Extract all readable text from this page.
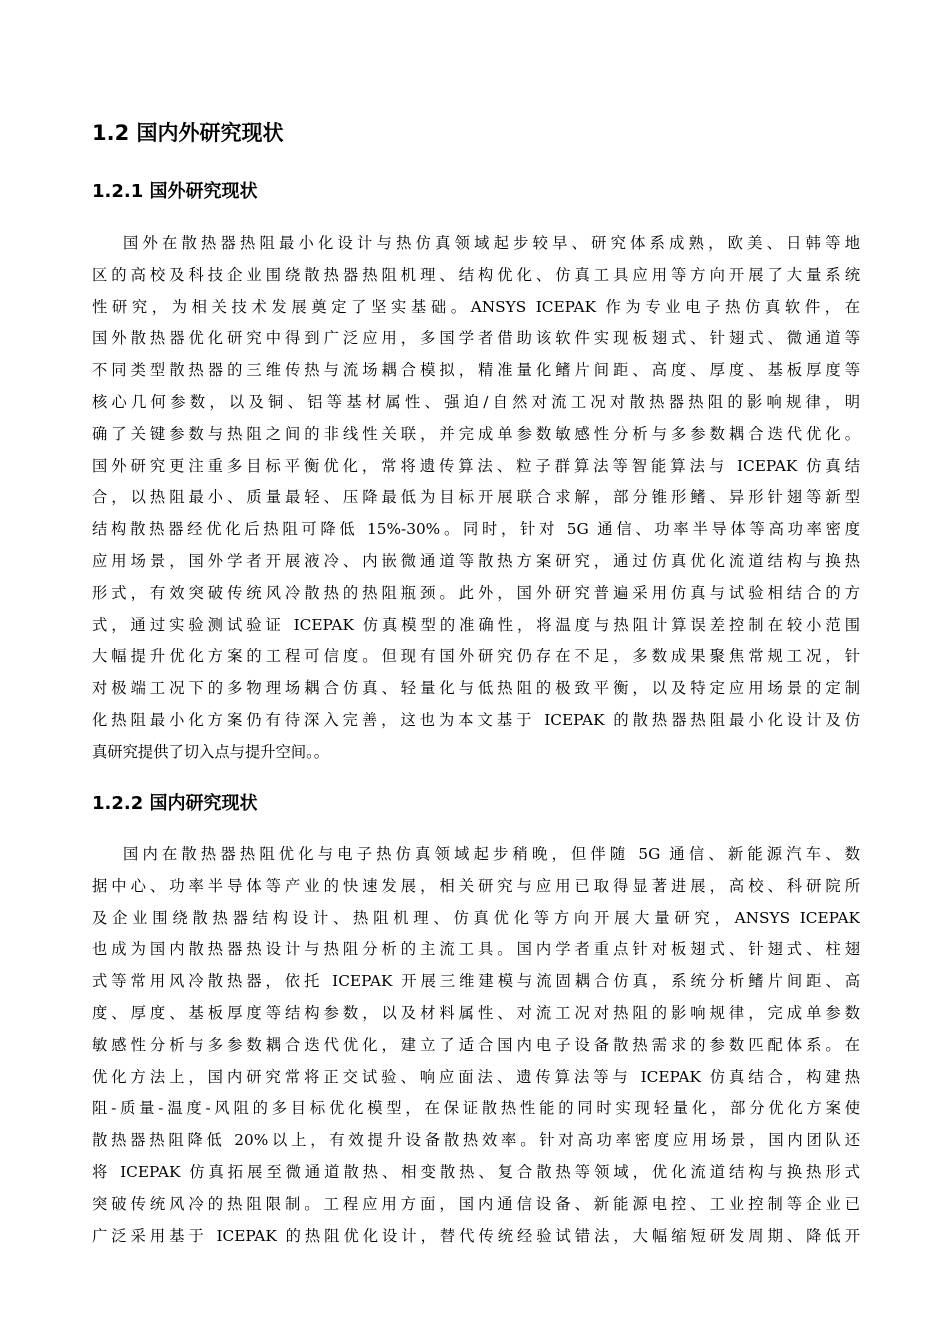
1.2 国内外研究现状
1.2.1 国外研究现状

国外在散热器热阻最小化设计与热仿真领域起步较早、研究体系成熟，欧美、日韩等地
区的高校及科技企业围绕散热器热阻机理、结构优化、仿真工具应用等方向开展了大量系统
性研究，为相关技术发展奠定了坚实基础。ANSYS ICEPAK 作为专业电子热仿真软件，在
国外散热器优化研究中得到广泛应用，多国学者借助该软件实现板翅式、针翅式、微通道等
不同类型散热器的三维传热与流场耦合模拟，精准量化鳍片间距、高度、厚度、基板厚度等
核心几何参数，以及铜、铝等基材属性、强迫/自然对流工况对散热器热阻的影响规律，明
确了关键参数与热阻之间的非线性关联，并完成单参数敏感性分析与多参数耦合迭代优化。
国外研究更注重多目标平衡优化，常将遗传算法、粒子群算法等智能算法与 ICEPAK 仿真结
合，以热阻最小、质量最轻、压降最低为目标开展联合求解，部分锥形鳍、异形针翅等新型
结构散热器经优化后热阻可降低 15%-30%。同时，针对 5G 通信、功率半导体等高功率密度
应用场景，国外学者开展液冷、内嵌微通道等散热方案研究，通过仿真优化流道结构与换热
形式，有效突破传统风冷散热的热阻瓶颈。此外，国外研究普遍采用仿真与试验相结合的方
式，通过实验测试验证 ICEPAK 仿真模型的准确性，将温度与热阻计算误差控制在较小范围
大幅提升优化方案的工程可信度。但现有国外研究仍存在不足，多数成果聚焦常规工况，针
对极端工况下的多物理场耦合仿真、轻量化与低热阻的极致平衡，以及特定应用场景的定制
化热阻最小化方案仍有待深入完善，这也为本文基于 ICEPAK 的散热器热阻最小化设计及仿
真研究提供了切入点与提升空间。。

1.2.2 国内研究现状

国内在散热器热阻优化与电子热仿真领域起步稍晚，但伴随 5G 通信、新能源汽车、数
据中心、功率半导体等产业的快速发展，相关研究与应用已取得显著进展，高校、科研院所
及企业围绕散热器结构设计、热阻机理、仿真优化等方向开展大量研究，ANSYS ICEPAK
也成为国内散热器热设计与热阻分析的主流工具。国内学者重点针对板翅式、针翅式、柱翅
式等常用风冷散热器，依托 ICEPAK 开展三维建模与流固耦合仿真，系统分析鳍片间距、高
度、厚度、基板厚度等结构参数，以及材料属性、对流工况对热阻的影响规律，完成单参数
敏感性分析与多参数耦合迭代优化，建立了适合国内电子设备散热需求的参数匹配体系。在
优化方法上，国内研究常将正交试验、响应面法、遗传算法等与 ICEPAK 仿真结合，构建热
阻-质量-温度-风阻的多目标优化模型，在保证散热性能的同时实现轻量化，部分优化方案使
散热器热阻降低 20%以上，有效提升设备散热效率。针对高功率密度应用场景，国内团队还
将 ICEPAK 仿真拓展至微通道散热、相变散热、复合散热等领域，优化流道结构与换热形式
突破传统风冷的热阻限制。工程应用方面，国内通信设备、新能源电控、工业控制等企业已
广泛采用基于 ICEPAK 的热阻优化设计，替代传统经验试错法，大幅缩短研发周期、降低开
